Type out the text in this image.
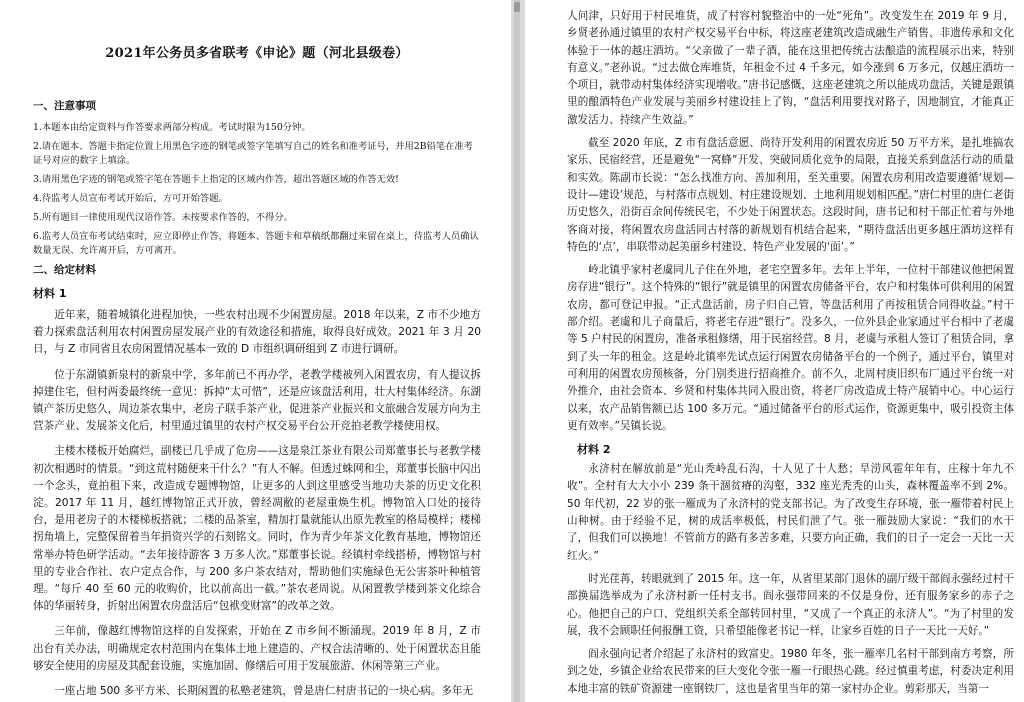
2021年公务员多省联考《申论》题（河北县级卷）
一、注意事项

1.本题本由给定资料与作答要求两部分构成。考试时限为150分钟。

2.请在题本、答题卡指定位置上用黑色字迹的钢笔或签字笔填写自己的姓名和准考证号，并用2B铅笔在准考证号对应的数字上填涂。

3.请用黑色字迹的钢笔或签字笔在答题卡上指定的区域内作答，超出答题区域的作答无效!

4.待监考人员宣布考试开始后，方可开始答题。

5.所有题目一律使用现代汉语作答。未按要求作答的，不得分。

6.监考人员宣布考试结束时，应立即停止作答，将题本、答题卡和草稿纸都翻过来留在桌上，待监考人员确认数量无误、允许离开后，方可离开。

二、给定材料
材料 1

近年来，随着城镇化进程加快，一些农村出现不少闲置房屋。2018 年以来，Z 市不少地方着力探索盘活利用农村闲置房屋发展产业的有效途径和措施，取得良好成效。2021 年 3 月 20 日，与 Z 市同省且农房闲置情况基本一致的 D 市组织调研组到 Z 市进行调研。

位于东湖镇新泉村的新泉中学，多年前已不再办学，老教学楼被列入闲置农房，有人提议拆掉建住宅，但村两委最终统一意见：拆掉“太可惜”，还是应该盘活利用，壮大村集体经济。东湖镇产茶历史悠久，周边茶农集中，老房子联手茶产业，促进茶产业振兴和文旅融合发展方向为主营茶产业、发展茶文化后，村里通过镇里的农村产权交易平台公开竞拍老教学楼使用权。

主楼木楼板开始腐烂，副楼已几乎成了危房——这是泉江茶业有限公司郑董事长与老教学楼初次相遇时的情景。“到这荒村随便来干什么？”有人不解。但透过蛛网和尘，郑董事长脑中闪出一个念头，竟拍租下来，改造成专题博物馆，让更多的人到这里感受当地功夫茶的历史文化积淀。2017 年 11 月，越红博物馆正式开放，曾经凋敝的老屋重焕生机。博物馆入口处的接待台，是用老房子的木楼梯板搭就；二楼的品茶室，精加打量就能认出原先教室的格局模样；楼梯拐角墙上，完整保留着当年捐资兴学的石刻铭文。同时，作为青少年茶文化教育基地，博物馆还常举办特色研学活动。“去年接待游客 3 万多人次。”郑董事长说。经镇村牵线搭桥，博物馆与村里的专业合作社、农户定点合作，与 200 多户茶农结对，帮助他们实施绿色无公害茶叶种植管理。“每斤 40 至 60 元的收购价，比以前高出一截。”茶农老周说。从闲置教学楼到茶文化综合体的华丽转身，折射出闲置农房盘活后“包袱变财富”的改革之效。

三年前，像越红博物馆这样的自发探索，开始在 Z 市乡间不断涌现。2019 年 8 月，Z 市出台有关办法，明确规定农村范围内在集体土地上建造的、产权合法清晰的、处于闲置状态且能够安全使用的房屋及其配套设施，实施加固、修缮后可用于发展旅游、休闲等第三产业。

一座占地 500 多平方米、长期闲置的私塾老建筑，曾是唐仁村唐书记的一块心病。多年无

人问津，只好用于村民堆货，成了村容村貌整治中的一处“死角”。改变发生在 2019 年 9 月，乡贤老孙通过镇里的农村产权交易平台中标，将这座老建筑改造成融生产销售、非遗传承和文化体验于一体的越庄酒坊。“父亲做了一辈子酒，能在这里把传统古法酿造的流程展示出来，特别有意义。”老孙说。“过去做仓库堆货，年租金不过 4 千多元，如今涨到 6 万多元，仅越庄酒坊一个项目，就带动村集体经济实现增收。”唐书记感慨，这座老建筑之所以能成功盘活，关键是跟镇里的酿酒特色产业发展与美丽乡村建设挂上了钩，“盘活利用要找对路子，因地制宜，才能真正激发活力、持续产生效益。”

截至 2020 年底，Z 市有盘活意愿、尚待开发利用的闲置农房近 50 万平方米，是扎堆搞农家乐、民宿经营，还是避免“一窝蜂”开发、突破同质化竞争的局限，直接关系到盘活行动的质量和实效。陈副市长说：“怎么找准方向、善加利用，至关重要。闲置农房利用改造要遵循‘规划—设计—建设’规范，与村落市点规划、村庄建设规划、土地利用规划相匹配。”唐仁村里的唐仁老街历史悠久，沿街百余间传统民宅，不少处于闲置状态。这段时间，唐书记和村干部正忙着与外地客商对接，将闲置农房盘活同古村落的新规划有机结合起来，“期待盘活出更多越庄酒坊这样有特色的‘点’，串联带动起美丽乡村建设、特色产业发展的‘面’。”

岭北镇乎家村老虞同儿子住在外地，老宅空置多年。去年上半年，一位村干部建议他把闲置房存进“银行”。这个特殊的“银行”就是镇里的闲置农房储备平台，农户和村集体可供利用的闲置农房，都可登记申报。“正式盘活前，房子归自己管，等盘活利用了再按租赁合同得收益。”村干部介绍。老虞和儿子商量后，将老宅存进“银行”。没多久，一位外县企业家通过平台相中了老虞等 5 户村民的闲置房，准备承租修缮，用于民宿经营。8 月，老虞与承租人签订了租赁合同，拿到了头一年的租金。这是岭北镇率先试点运行闲置农房储备平台的一个例子，通过平台，镇里对可利用的闲置农房预核备，分门别类进行招商推介。前不久，北周村庚旧织布厂通过平台统一对外推介，由社会资本、乡贤和村集体共同入股出资，将老厂房改造成土特产展销中心。中心运行以来，农产品销售额已达 100 多万元。“通过储备平台的形式运作，资源更集中，吸引投资主体更有效率。”吴镇长说。

材料 2

永济村在解放前是“光山秃岭乱石沟，十人见了十人愁；旱涝风雹年年有，庄稼十年九不收”。全村有大大小小 239 条干涸贫瘠的沟壑，332 座光秃秃的山头，森林覆盖率不到 2%。50 年代初，22 岁的张一雁成为了永济村的党支部书记。为了改变生存环境，张一雁带着村民上山种树。由于经验不足，树的成活率极低，村民们泄了气。张一雁鼓励大家说：“我们的水干了，但我们可以换地！不管前方的路有多苦多难，只要方向正确，我们的日子一定会一天比一天红火。”

时光荏苒，转眼就到了 2015 年。这一年，从省里某部门退休的副厅级干部阎永强经过村干部换届选举成为了永济村新一任村支书。阎永强带回来的不仅是身份，还有服务家乡的赤子之心。他把自己的户口、党组织关系全部转回村里，“又成了一个真正的永济人”。“为了村里的发展，我不会顾职任何报酬工资，只希望能像老书记一样，让家乡百姓的日子一天比一天好。”

阎永强向记者介绍起了永济村的致富史。1980 年冬，张一雁率几名村干部到南方考察，所到之处，乡镇企业给农民带来的巨大变化令张一雁一行眼热心跳。经过慎重考虑，村委决定利用本地丰富的铁矿资源建一座钢铁厂，这也是省里当年的第一家村办企业。剪彩那天，当第一
